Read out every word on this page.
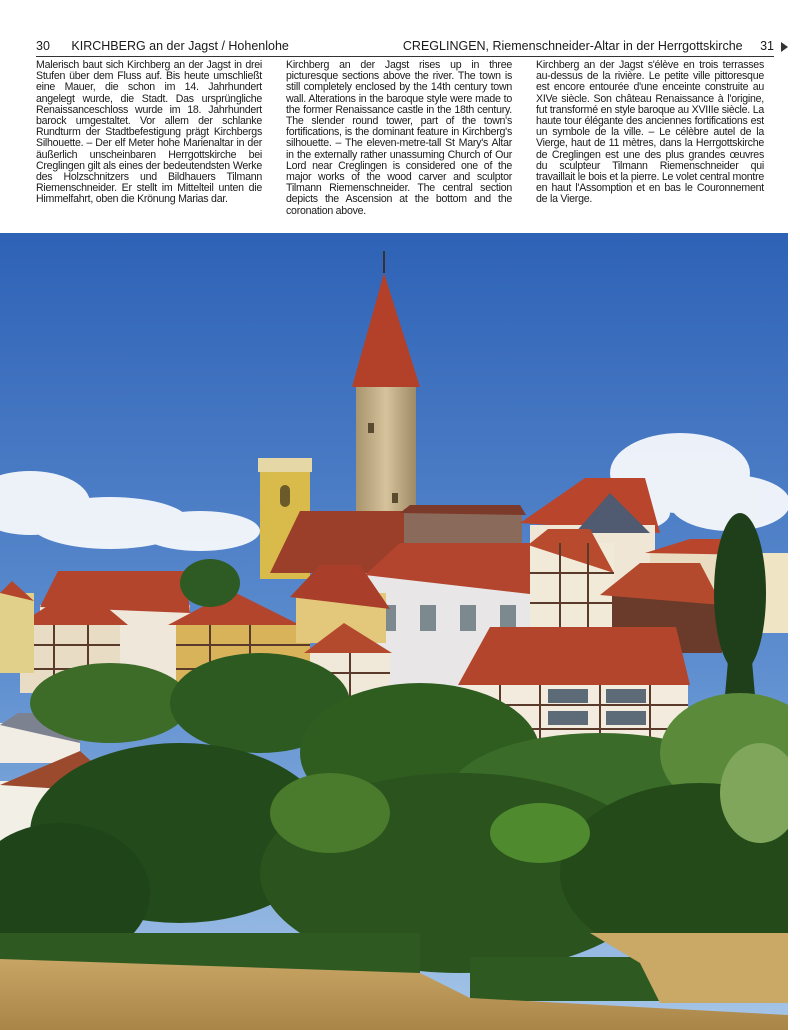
30 KIRCHBERG an der Jagst / Hohenlohe	CREGLINGEN, Riemenschneider-Altar in der Herrgottskirche 31
Malerisch baut sich Kirchberg an der Jagst in drei Stufen über dem Fluss auf. Bis heute umschließt eine Mauer, die schon im 14. Jahrhundert angelegt wurde, die Stadt. Das ursprüngliche Renaissanceschloss wurde im 18. Jahrhundert barock umgestaltet. Vor allem der schlanke Rundturm der Stadtbefestigung prägt Kirchbergs Silhouette. – Der elf Meter hohe Marienaltar in der äußerlich unscheinbaren Herrgottskirche bei Creglingen gilt als eines der bedeutendsten Werke des Holzschnitzers und Bildhauers Tilmann Riemenschneider. Er stellt im Mittelteil unten die Himmelfahrt, oben die Krönung Marias dar.
Kirchberg an der Jagst rises up in three picturesque sections above the river. The town is still completely enclosed by the 14th century town wall. Alterations in the baroque style were made to the former Renaissance castle in the 18th century. The slender round tower, part of the town's fortifications, is the dominant feature in Kirchberg's silhouette. – The eleven-metre-tall St Mary's Altar in the externally rather unassuming Church of Our Lord near Creglingen is considered one of the major works of the wood carver and sculptor Tilmann Riemenschneider. The central section depicts the Ascension at the bottom and the coronation above.
Kirchberg an der Jagst s'élève en trois terrasses au-dessus de la rivière. Le petite ville pittoresque est encore entourée d'une enceinte construite au XIVe siècle. Son château Renaissance à l'origine, fut transformé en style baroque au XVIIIe siècle. La haute tour élégante des anciennes fortifications est un symbole de la ville. – Le célèbre autel de la Vierge, haut de 11 mètres, dans la Herrgottskirche de Creglingen est une des plus grandes œuvres du sculpteur Tilmann Riemenschneider qui travaillait le bois et la pierre. Le volet central montre en haut l'Assomption et en bas le Couronnement de la Vierge.
